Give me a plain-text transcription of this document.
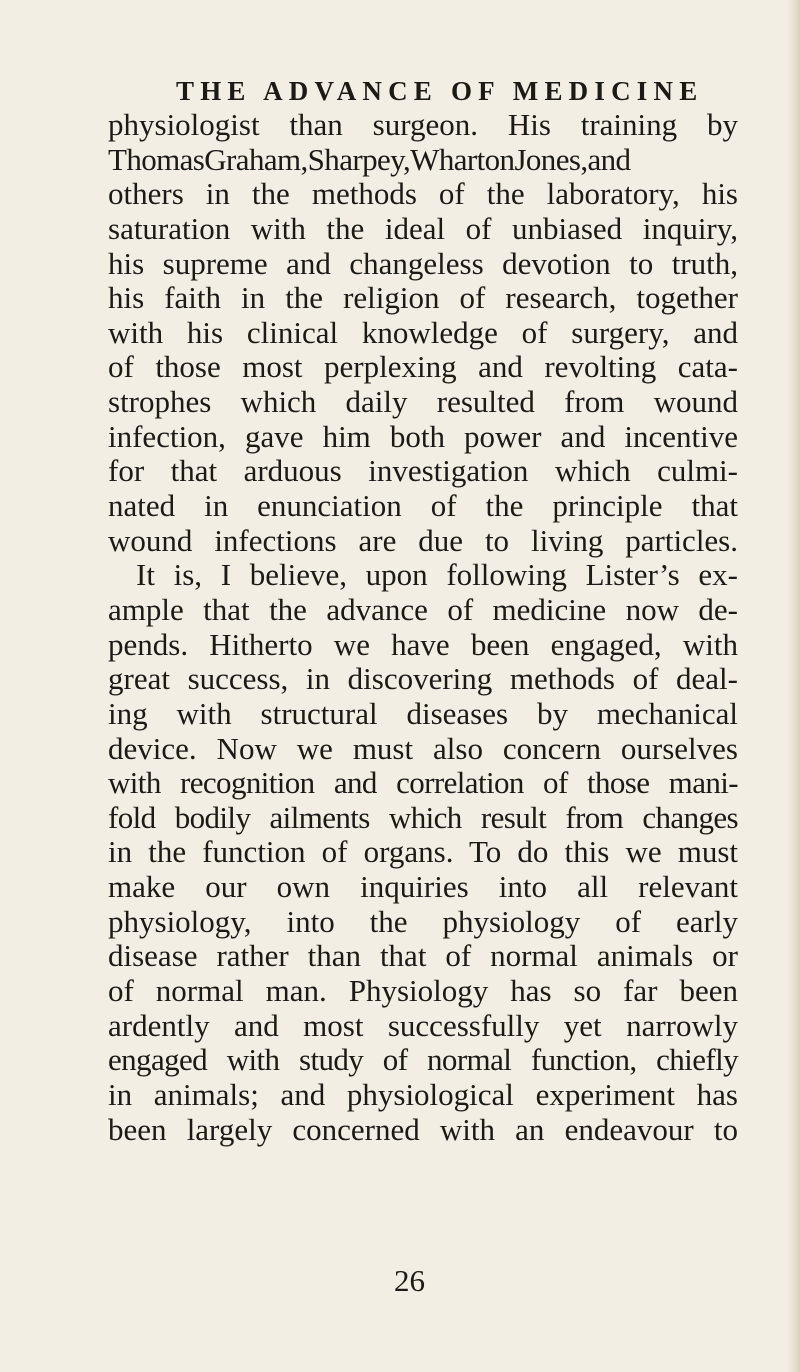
THE ADVANCE OF MEDICINE
physiologist than surgeon. His training by
ThomasGraham,Sharpey,WhartonJones,and
others in the methods of the laboratory, his
saturation with the ideal of unbiased inquiry,
his supreme and changeless devotion to truth,
his faith in the religion of research, together
with his clinical knowledge of surgery, and
of those most perplexing and revolting cata-
strophes which daily resulted from wound
infection, gave him both power and incentive
for that arduous investigation which culmi-
nated in enunciation of the principle that
wound infections are due to living particles.
It is, I believe, upon following Lister’s ex-
ample that the advance of medicine now de-
pends. Hitherto we have been engaged, with
great success, in discovering methods of deal-
ing with structural diseases by mechanical
device. Now we must also concern ourselves
with recognition and correlation of those mani-
fold bodily ailments which result from changes
in the function of organs. To do this we must
make our own inquiries into all relevant
physiology, into the physiology of early
disease rather than that of normal animals or
of normal man. Physiology has so far been
ardently and most successfully yet narrowly
engaged with study of normal function, chiefly
in animals; and physiological experiment has
been largely concerned with an endeavour to
26
